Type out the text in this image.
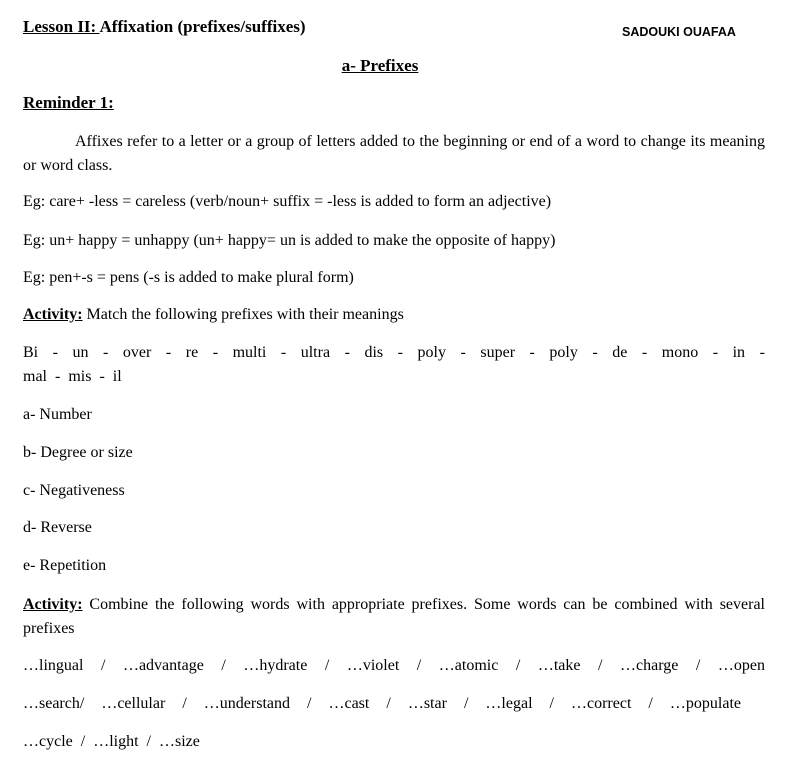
Lesson II: Affixation (prefixes/suffixes)	SADOUKI OUAFAA
a- Prefixes
Reminder 1:
Affixes refer to a letter or a group of letters added to the beginning or end of a word to change its meaning or word class.
Eg: care+ -less = careless (verb/noun+ suffix = -less is added to form an adjective)
Eg: un+ happy = unhappy (un+ happy= un is added to make the opposite of happy)
Eg: pen+-s = pens (-s is added to make plural form)
Activity: Match the following prefixes with their meanings
Bi - un - over - re - multi - ultra - dis - poly - super - poly - de - mono - in -
mal  -  mis  -  il
a- Number
b- Degree or size
c- Negativeness
d- Reverse
e- Repetition
Activity: Combine the following words with appropriate prefixes. Some words can be combined with several prefixes
…lingual / …advantage / …hydrate / …violet / …atomic / …take / …charge / …open
…search/ …cellular / …understand / …cast / …star / …legal / …correct / …populate
…cycle  /  …light  /  …size
